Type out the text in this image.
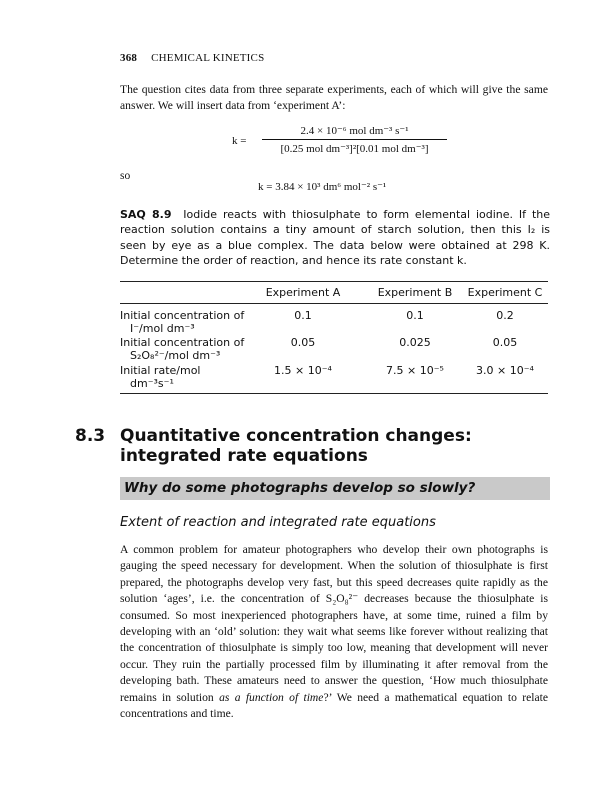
368 CHEMICAL KINETICS
The question cites data from three separate experiments, each of which will give the same answer. We will insert data from ‘experiment A’:
k =
2.4 × 10⁻⁶ mol dm⁻³ s⁻¹
[0.25 mol dm⁻³]²[0.01 mol dm⁻³]
so
k = 3.84 × 10³ dm⁶ mol⁻² s⁻¹
SAQ 8.9 Iodide reacts with thiosulphate to form elemental iodine. If the reaction solution contains a tiny amount of starch solution, then this I₂ is seen by eye as a blue complex. The data below were obtained at 298 K. Determine the order of reaction, and hence its rate constant k.
Experiment A	Experiment B	Experiment C
Initial concentration of
I⁻/mol dm⁻³
0.1	0.1	0.2
Initial concentration of
S₂O₈²⁻/mol dm⁻³
0.05	0.025	0.05
Initial rate/mol
dm⁻³s⁻¹
1.5 × 10⁻⁴	7.5 × 10⁻⁵	3.0 × 10⁻⁴
8.3 Quantitative concentration changes:
integrated rate equations
Why do some photographs develop so slowly?
Extent of reaction and integrated rate equations
A common problem for amateur photographers who develop their own photographs is gauging the speed necessary for development. When the solution of thiosulphate is first prepared, the photographs develop very fast, but this speed decreases quite rapidly as the solution ‘ages’, i.e. the concentration of S₂O₈²⁻ decreases because the thiosulphate is consumed. So most inexperienced photographers have, at some time, ruined a film by developing with an ‘old’ solution: they wait what seems like forever without realizing that the concentration of thiosulphate is simply too low, meaning that development will never occur. They ruin the partially processed film by illuminating it after removal from the developing bath. These amateurs need to answer the question, ‘How much thiosulphate remains in solution as a function of time?’ We need a mathematical equation to relate concentrations and time.
